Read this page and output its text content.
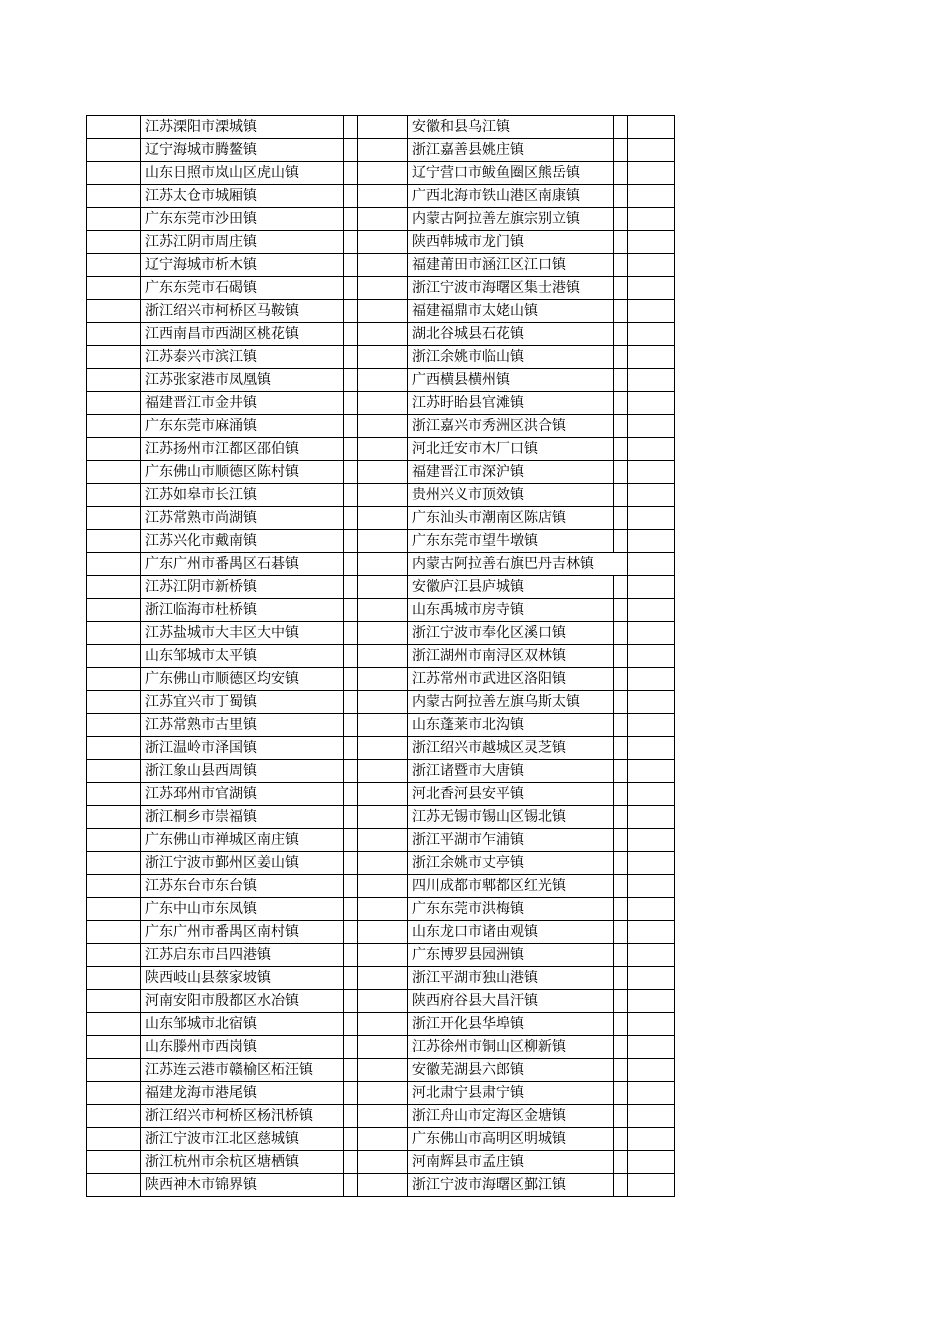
	江苏溧阳市溧城镇			安徽和县乌江镇		
	辽宁海城市腾鳌镇			浙江嘉善县姚庄镇		
	山东日照市岚山区虎山镇			辽宁营口市鲅鱼圈区熊岳镇		
	江苏太仓市城厢镇			广西北海市铁山港区南康镇		
	广东东莞市沙田镇			内蒙古阿拉善左旗宗别立镇		
	江苏江阴市周庄镇			陕西韩城市龙门镇		
	辽宁海城市析木镇			福建莆田市涵江区江口镇		
	广东东莞市石碣镇			浙江宁波市海曙区集士港镇		
	浙江绍兴市柯桥区马鞍镇			福建福鼎市太姥山镇		
	江西南昌市西湖区桃花镇			湖北谷城县石花镇		
	江苏泰兴市滨江镇			浙江余姚市临山镇		
	江苏张家港市凤凰镇			广西横县横州镇		
	福建晋江市金井镇			江苏盱眙县官滩镇		
	广东东莞市麻涌镇			浙江嘉兴市秀洲区洪合镇		
	江苏扬州市江都区邵伯镇			河北迁安市木厂口镇		
	广东佛山市顺德区陈村镇			福建晋江市深沪镇		
	江苏如皋市长江镇			贵州兴义市顶效镇		
	江苏常熟市尚湖镇			广东汕头市潮南区陈店镇		
	江苏兴化市戴南镇			广东东莞市望牛墩镇		
	广东广州市番禺区石碁镇			内蒙古阿拉善右旗巴丹吉林镇		
	江苏江阴市新桥镇			安徽庐江县庐城镇		
	浙江临海市杜桥镇			山东禹城市房寺镇		
	江苏盐城市大丰区大中镇			浙江宁波市奉化区溪口镇		
	山东邹城市太平镇			浙江湖州市南浔区双林镇		
	广东佛山市顺德区均安镇			江苏常州市武进区洛阳镇		
	江苏宜兴市丁蜀镇			内蒙古阿拉善左旗乌斯太镇		
	江苏常熟市古里镇			山东蓬莱市北沟镇		
	浙江温岭市泽国镇			浙江绍兴市越城区灵芝镇		
	浙江象山县西周镇			浙江诸暨市大唐镇		
	江苏邳州市官湖镇			河北香河县安平镇		
	浙江桐乡市崇福镇			江苏无锡市锡山区锡北镇		
	广东佛山市禅城区南庄镇			浙江平湖市乍浦镇		
	浙江宁波市鄞州区姜山镇			浙江余姚市丈亭镇		
	江苏东台市东台镇			四川成都市郫都区红光镇		
	广东中山市东凤镇			广东东莞市洪梅镇		
	广东广州市番禺区南村镇			山东龙口市诸由观镇		
	江苏启东市吕四港镇			广东博罗县园洲镇		
	陕西岐山县蔡家坡镇			浙江平湖市独山港镇		
	河南安阳市殷都区水冶镇			陕西府谷县大昌汗镇		
	山东邹城市北宿镇			浙江开化县华埠镇		
	山东滕州市西岗镇			江苏徐州市铜山区柳新镇		
	江苏连云港市赣榆区柘汪镇			安徽芜湖县六郎镇		
	福建龙海市港尾镇			河北肃宁县肃宁镇		
	浙江绍兴市柯桥区杨汛桥镇			浙江舟山市定海区金塘镇		
	浙江宁波市江北区慈城镇			广东佛山市高明区明城镇		
	浙江杭州市余杭区塘栖镇			河南辉县市孟庄镇		
	陕西神木市锦界镇			浙江宁波市海曙区鄞江镇		
